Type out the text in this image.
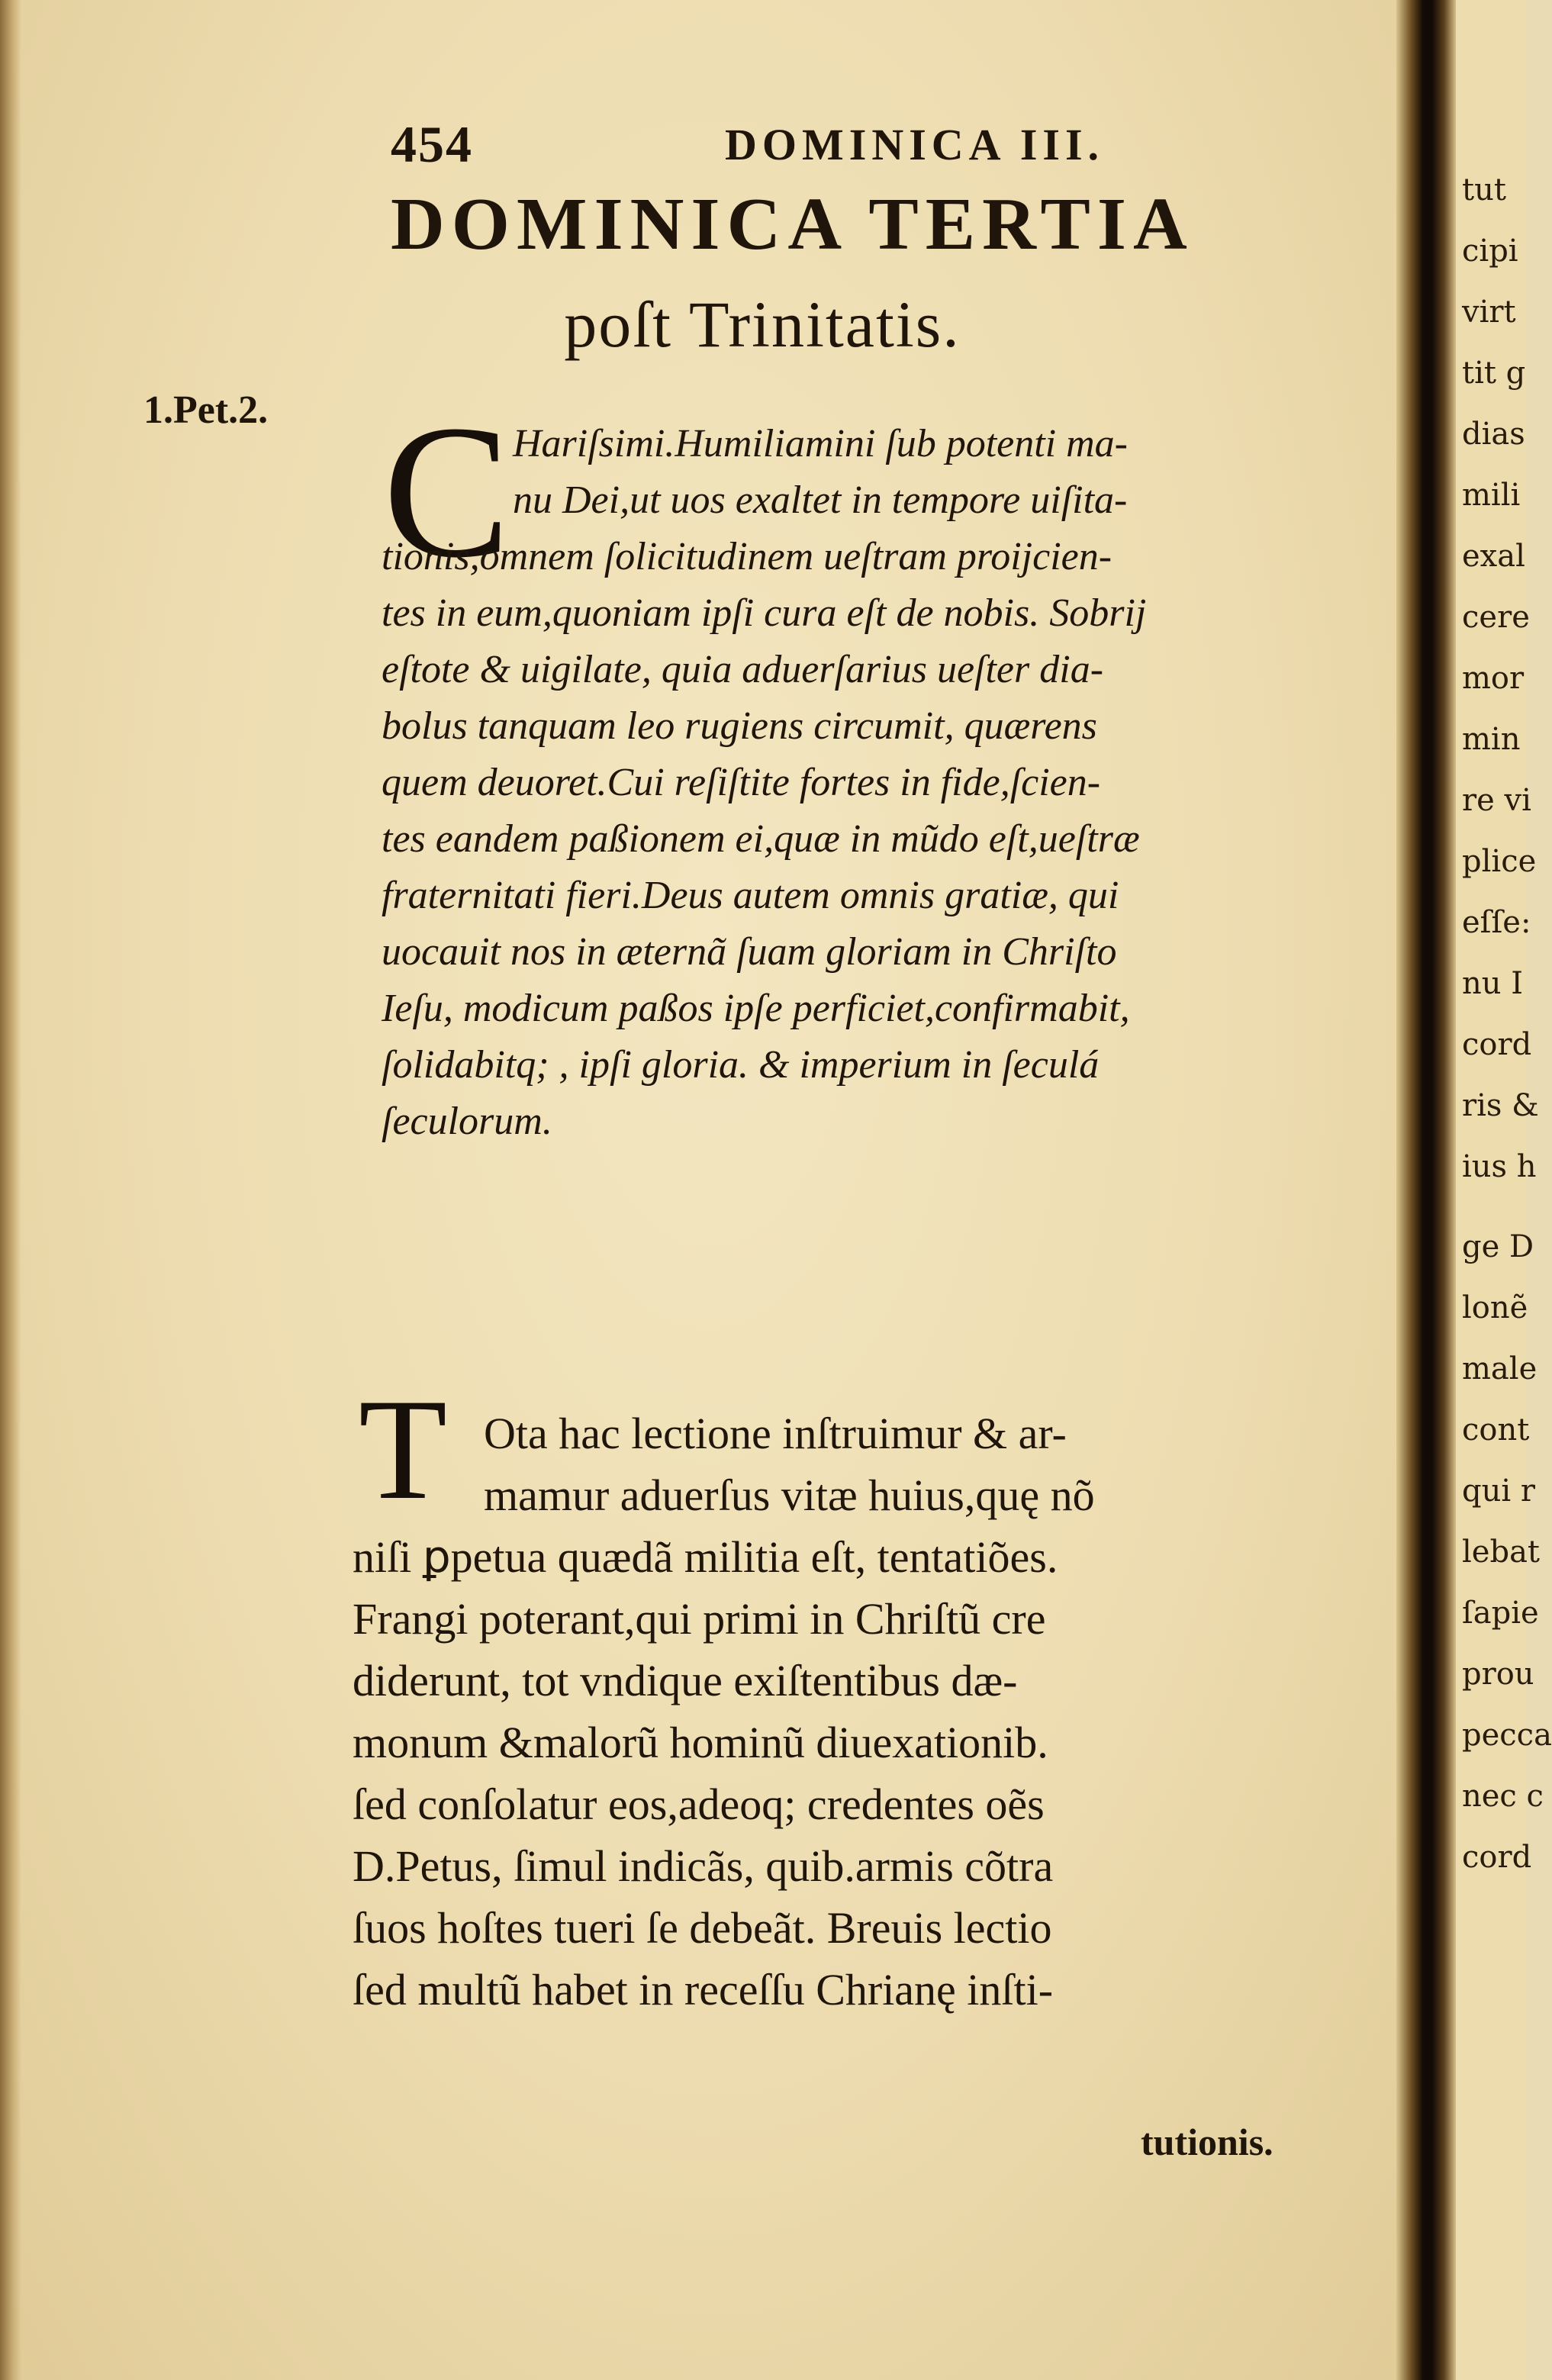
454	DOMINICA III.
DOMINICA TERTIA
poſt Trinitatis.
1.Pet.2. C Hariſsimi.Humiliamini ſub potenti ma-
nu Dei,ut uos exaltet in tempore uiſita-
tionis,omnem ſolicitudinem ueſtram proijcien-
tes in eum,quoniam ipſi cura eſt de nobis. Sobrij
eſtote & uigilate, quia aduerſarius ueſter dia-
bolus tanquam leo rugiens circumit, quærens
quem deuoret.Cui reſiſtite fortes in fide,ſcien-
tes eandem paßionem ei,quæ in mũdo eſt,ueſtræ
fraternitati fieri.Deus autem omnis gratiæ, qui
uocauit nos in æternã ſuam gloriam in Chriſto
Ieſu, modicum paßos ipſe perficiet,confirmabit,
ſolidabitq; , ipſi gloria. & imperium in ſeculá
ſeculorum.
T Ota hac lectione inſtruimur & ar-
mamur aduerſus vitæ huius,quę nõ
niſi ꝑpetua quædã militia eſt, tentatiões.
Frangi poterant,qui primi in Chriſtũ cre
diderunt, tot vndique exiſtentibus dæ-
monum &malorũ hominũ diuexationib.
ſed conſolatur eos,adeoq; credentes oẽs
D.Petus, ſimul indicãs, quib.armis cõtra
ſuos hoſtes tueri ſe debeãt. Breuis lectio
ſed multũ habet in receſſu Chrianę inſti-
tutionis.
tut
cipi
virt
tit g
dias
mili
exal
cere
mor
min
re vi
plice
eſſe:
nu I
cord
ris &
ius h
ge D
lonẽ
male
cont
qui r
lebat
ſapie
prou
pecca
nec c
cord
